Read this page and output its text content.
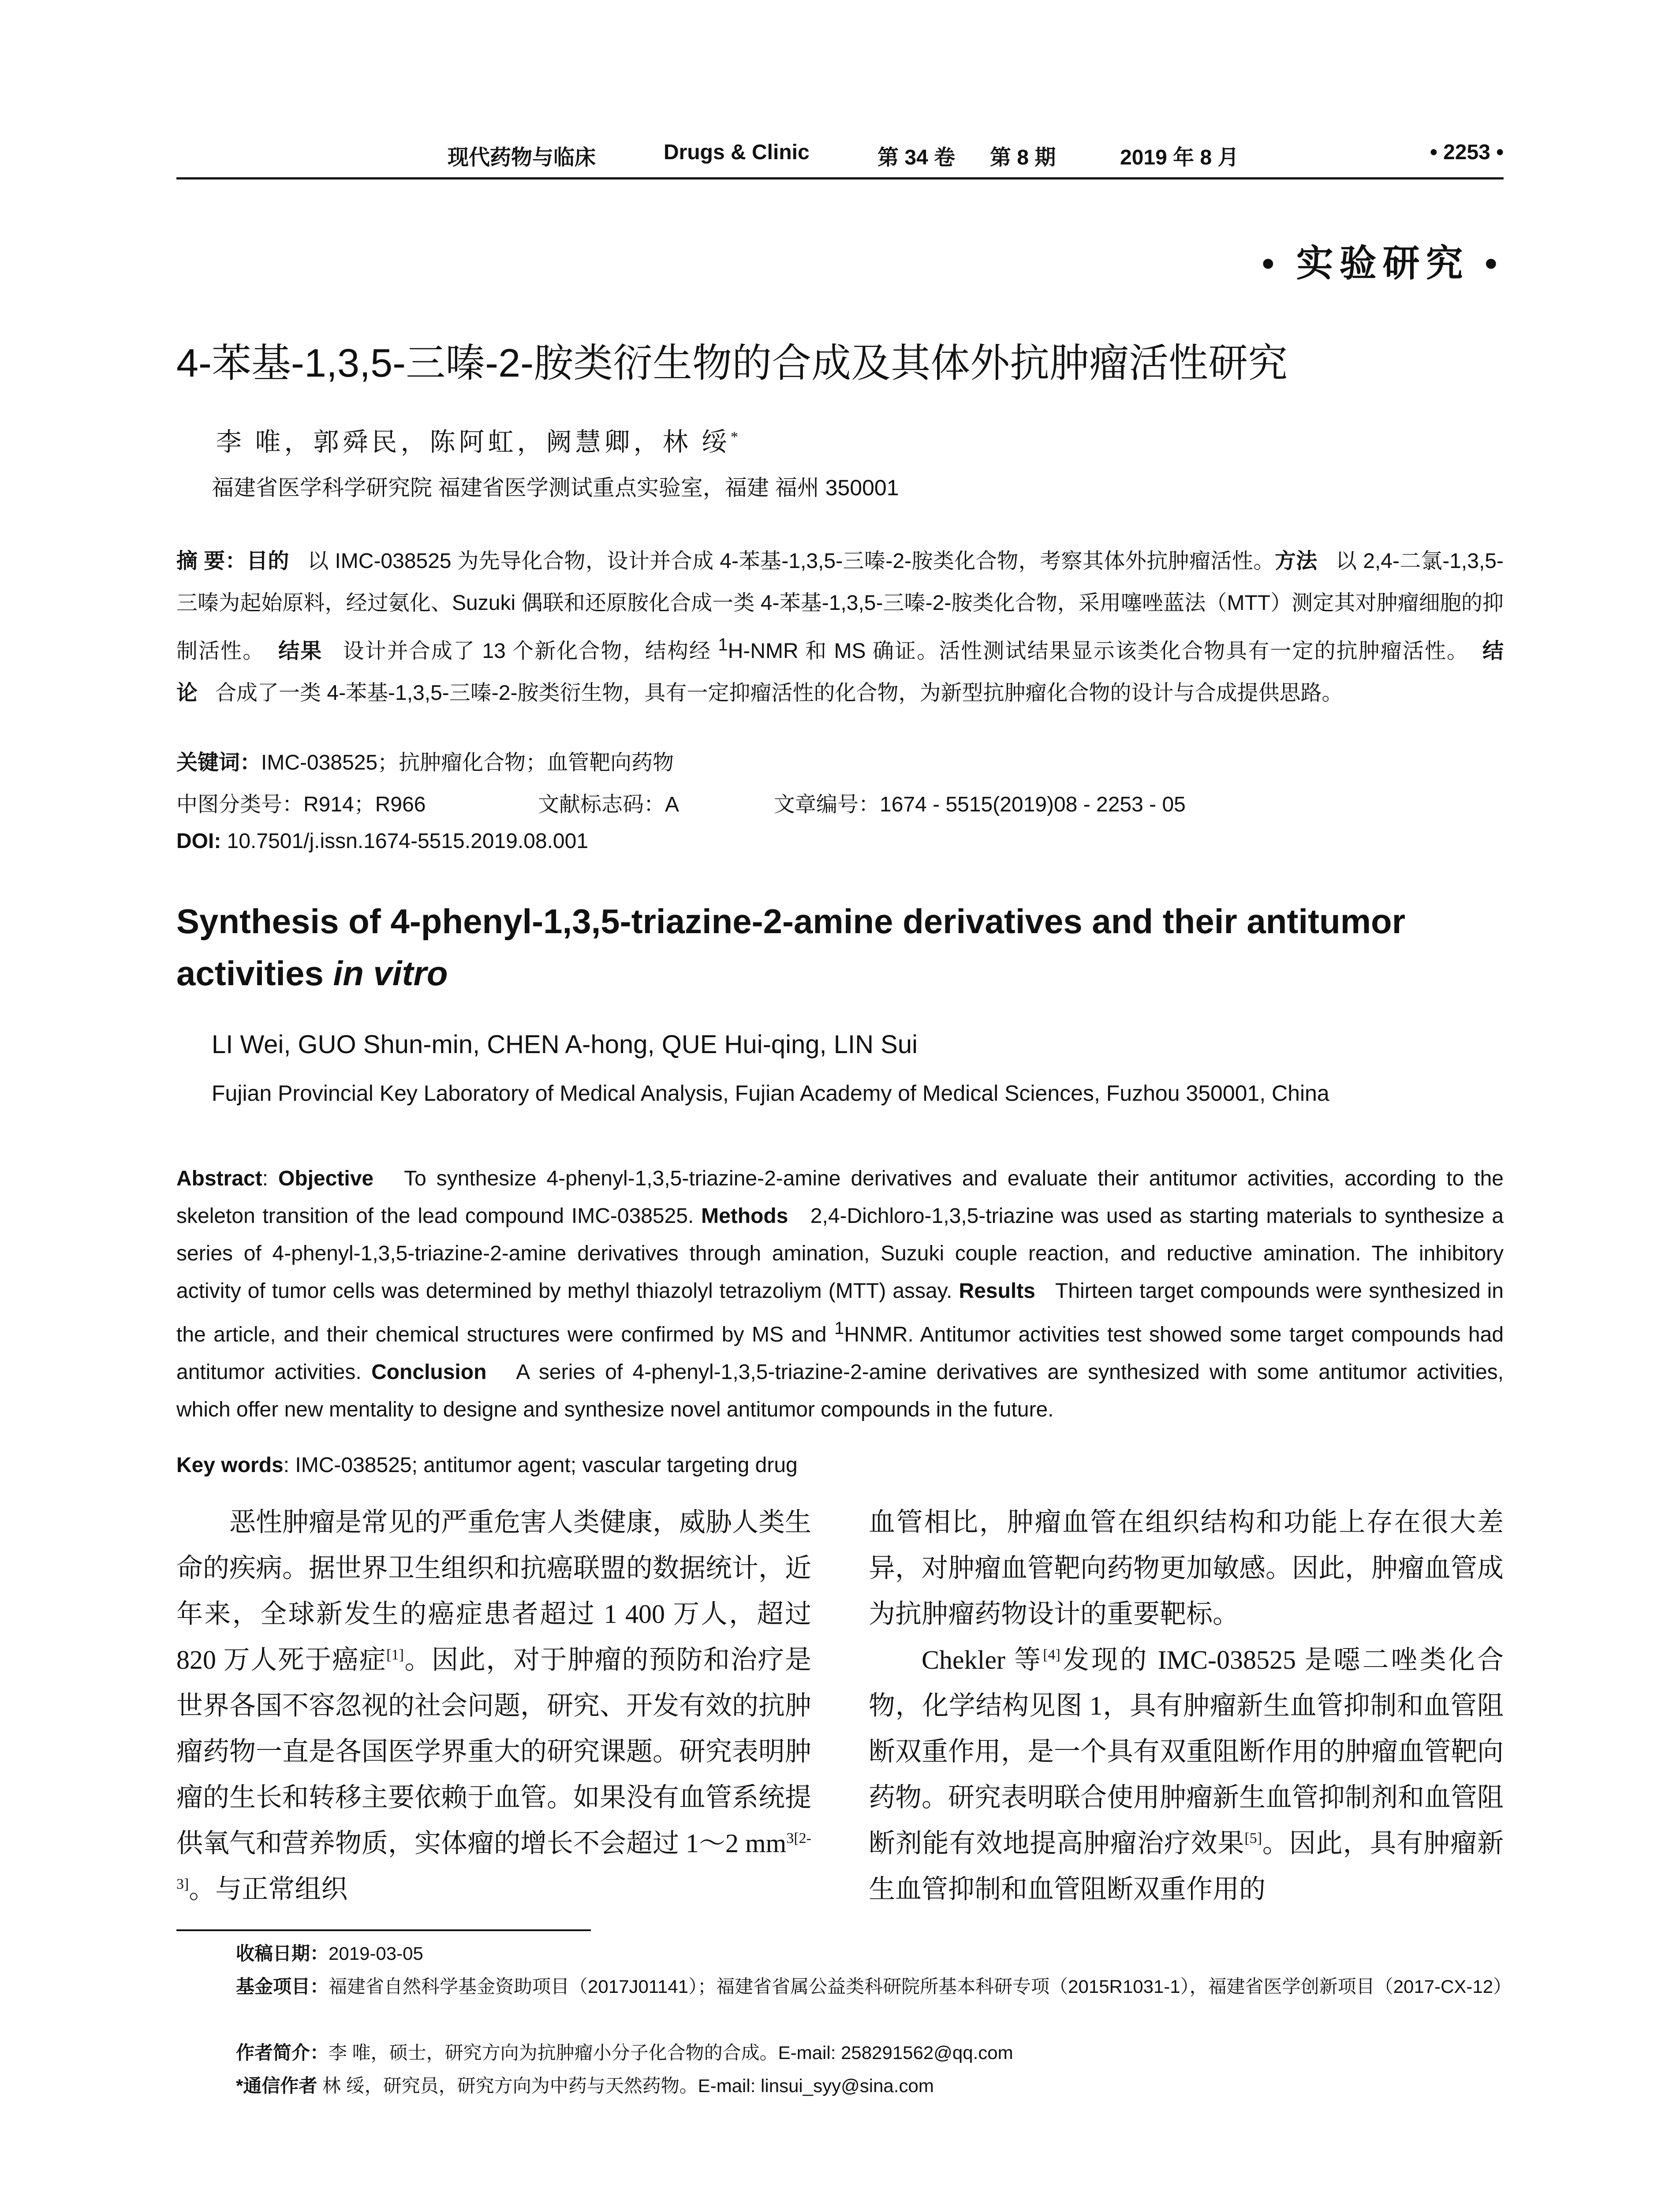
现代药物与临床	Drugs & Clinic	第 34 卷 第 8 期	2019 年 8 月	• 2253 •
• 实验研究 •
4-苯基-1,3,5-三嗪-2-胺类衍生物的合成及其体外抗肿瘤活性研究
李 唯，郭舜民，陈阿虹，阙慧卿，林 绥*
福建省医学科学研究院 福建省医学测试重点实验室，福建 福州 350001
摘 要：目的 以 IMC-038525 为先导化合物，设计并合成 4-苯基-1,3,5-三嗪-2-胺类化合物，考察其体外抗肿瘤活性。方法 以 2,4-二氯-1,3,5-三嗪为起始原料，经过氨化、Suzuki 偶联和还原胺化合成一类 4-苯基-1,3,5-三嗪-2-胺类化合物，采用噻唑蓝法（MTT）测定其对肿瘤细胞的抑制活性。 结果 设计并合成了 13 个新化合物，结构经 $^1$H-NMR 和 MS 确证。活性测试结果显示该类化合物具有一定的抗肿瘤活性。 结论 合成了一类 4-苯基-1,3,5-三嗪-2-胺类衍生物，具有一定抑瘤活性的化合物，为新型抗肿瘤化合物的设计与合成提供思路。
关键词：IMC-038525；抗肿瘤化合物；血管靶向药物
中图分类号：R914；R966	文献标志码：A	文章编号：1674 - 5515(2019)08 - 2253 - 05
DOI: 10.7501/j.issn.1674-5515.2019.08.001
Synthesis of 4-phenyl-1,3,5-triazine-2-amine derivatives and their antitumor activities in vitro
LI Wei, GUO Shun-min, CHEN A-hong, QUE Hui-qing, LIN Sui
Fujian Provincial Key Laboratory of Medical Analysis, Fujian Academy of Medical Sciences, Fuzhou 350001, China
Abstract: Objective To synthesize 4-phenyl-1,3,5-triazine-2-amine derivatives and evaluate their antitumor activities, according to the skeleton transition of the lead compound IMC-038525. Methods 2,4-Dichloro-1,3,5-triazine was used as starting materials to synthesize a series of 4-phenyl-1,3,5-triazine-2-amine derivatives through amination, Suzuki couple reaction, and reductive amination. The inhibitory activity of tumor cells was determined by methyl thiazolyl tetrazoliym (MTT) assay. Results Thirteen target compounds were synthesized in the article, and their chemical structures were confirmed by MS and $^1$HNMR. Antitumor activities test showed some target compounds had antitumor activities. Conclusion A series of 4-phenyl-1,3,5-triazine-2-amine derivatives are synthesized with some antitumor activities, which offer new mentality to designe and synthesize novel antitumor compounds in the future.
Key words: IMC-038525; antitumor agent; vascular targeting drug

恶性肿瘤是常见的严重危害人类健康，威胁人类生命的疾病。据世界卫生组织和抗癌联盟的数据统计，近年来，全球新发生的癌症患者超过 1 400 万人，超过 820 万人死于癌症[1]。因此，对于肿瘤的预防和治疗是世界各国不容忽视的社会问题，研究、开发有效的抗肿瘤药物一直是各国医学界重大的研究课题。研究表明肿瘤的生长和转移主要依赖于血管。如果没有血管系统提供氧气和营养物质，实体瘤的增长不会超过 1～2 $mm^{3[2-3]}$。与正常组织

血管相比，肿瘤血管在组织结构和功能上存在很大差异，对肿瘤血管靶向药物更加敏感。因此，肿瘤血管成为抗肿瘤药物设计的重要靶标。

Chekler 等[4]发现的 IMC-038525 是噁二唑类化合物，化学结构见图 1，具有肿瘤新生血管抑制和血管阻断双重作用，是一个具有双重阻断作用的肿瘤血管靶向药物。研究表明联合使用肿瘤新生血管抑制剂和血管阻断剂能有效地提高肿瘤治疗效果[5]。因此，具有肿瘤新生血管抑制和血管阻断双重作用的

收稿日期：2019-03-05
基金项目：福建省自然科学基金资助项目（2017J01141）；福建省省属公益类科研院所基本科研专项（2015R1031-1），福建省医学创新项目（2017-CX-12）
作者简介：李 唯，硕士，研究方向为抗肿瘤小分子化合物的合成。E-mail: 258291562@qq.com
*通信作者 林 绥，研究员，研究方向为中药与天然药物。E-mail: linsui_syy@sina.com
